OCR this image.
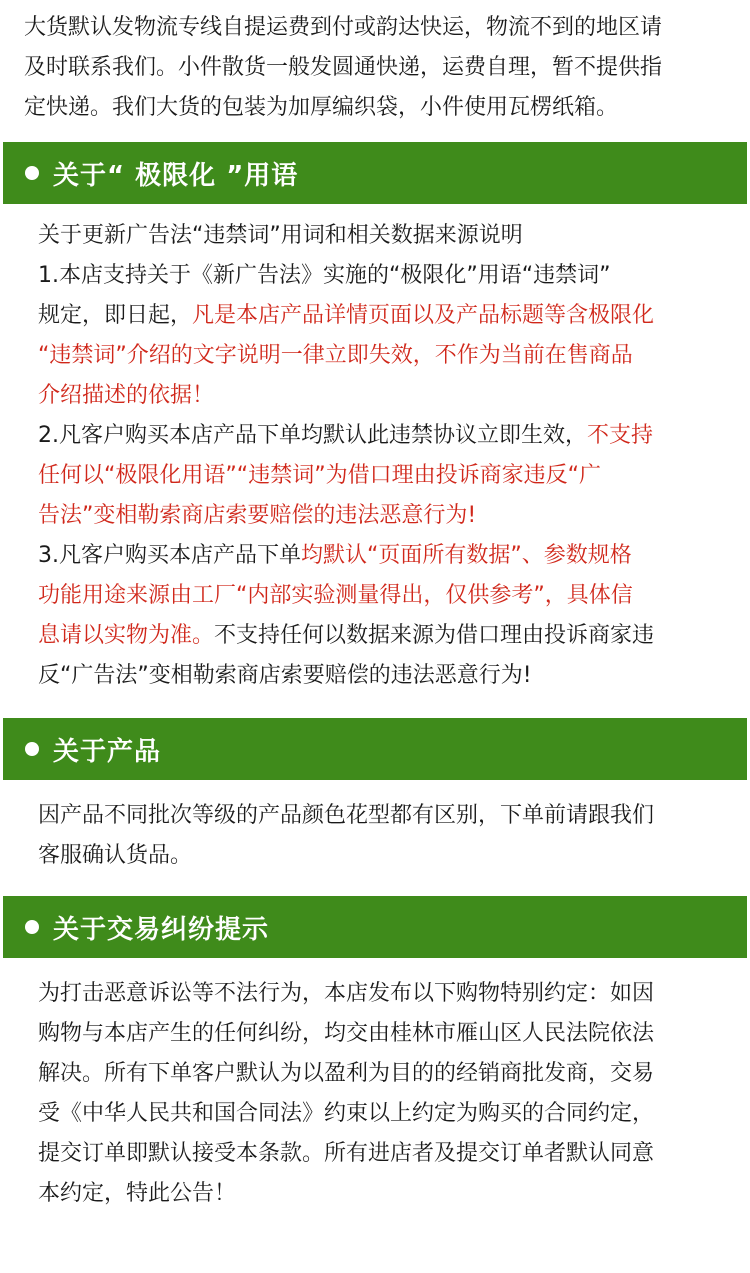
大货默认发物流专线自提运费到付或韵达快运，物流不到的地区请
及时联系我们。小件散货一般发圆通快递，运费自理，暂不提供指
定快递。我们大货的包装为加厚编织袋，小件使用瓦楞纸箱。
关于“ 极限化 ”用语
关于更新广告法“违禁词”用词和相关数据来源说明
1.本店支持关于《新广告法》实施的“极限化”用语“违禁词”
规定，即日起，凡是本店产品详情页面以及产品标题等含极限化
“违禁词”介绍的文字说明一律立即失效，不作为当前在售商品
介绍描述的依据！
2.凡客户购买本店产品下单均默认此违禁协议立即生效，不支持
任何以“极限化用语”“违禁词”为借口理由投诉商家违反“广
告法”变相勒索商店索要赔偿的违法恶意行为!
3.凡客户购买本店产品下单均默认“页面所有数据”、参数规格
功能用途来源由工厂“内部实验测量得出，仅供参考”，具体信
息请以实物为准。不支持任何以数据来源为借口理由投诉商家违
反“广告法”变相勒索商店索要赔偿的违法恶意行为!
关于产品
因产品不同批次等级的产品颜色花型都有区别，下单前请跟我们
客服确认货品。
关于交易纠纷提示
为打击恶意诉讼等不法行为，本店发布以下购物特别约定：如因
购物与本店产生的任何纠纷，均交由桂林市雁山区人民法院依法
解决。所有下单客户默认为以盈利为目的的经销商批发商，交易
受《中华人民共和国合同法》约束以上约定为购买的合同约定，
提交订单即默认接受本条款。所有进店者及提交订单者默认同意
本约定，特此公告！
